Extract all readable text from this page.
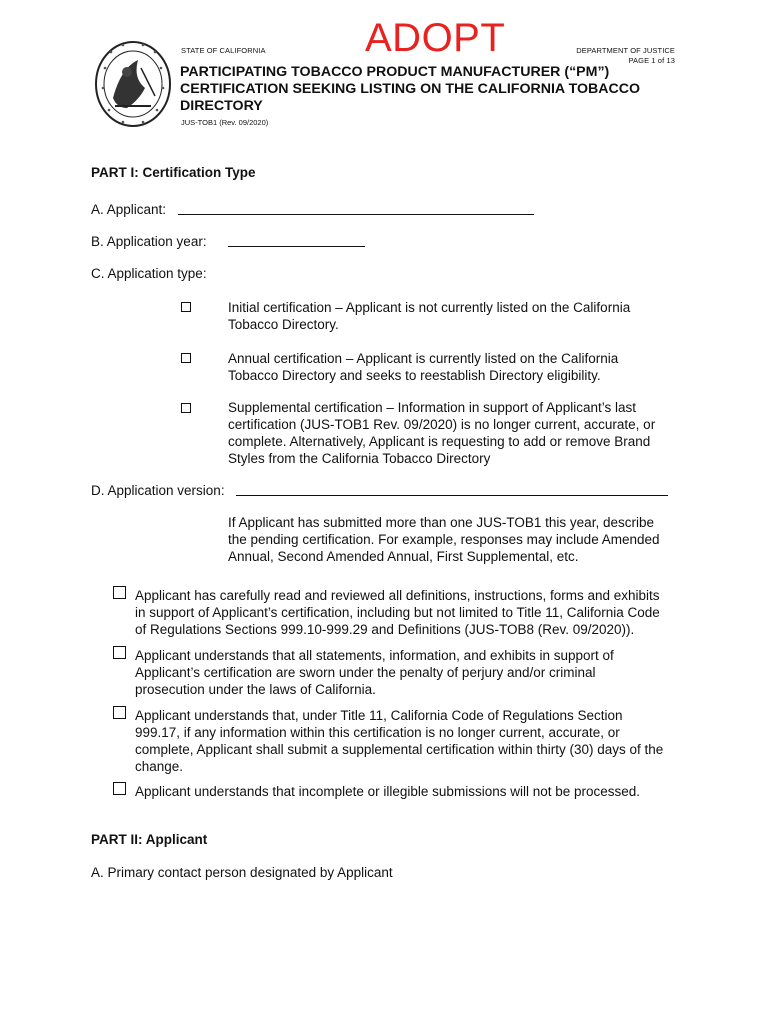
STATE OF CALIFORNIA ADOPT	DEPARTMENT OF JUSTICE
PAGE 1 of 13
PARTICIPATING TOBACCO PRODUCT MANUFACTURER (“PM”)
CERTIFICATION SEEKING LISTING ON THE CALIFORNIA TOBACCO
DIRECTORY
JUS-TOB1 (Rev. 09/2020)
PART I: Certification Type
A. Applicant:
B. Application year:
C. Application type:
Initial certification – Applicant is not currently listed on the California
Tobacco Directory.
Annual certification – Applicant is currently listed on the California
Tobacco Directory and seeks to reestablish Directory eligibility.
Supplemental certification – Information in support of Applicant’s last
certification (JUS-TOB1 Rev. 09/2020) is no longer current, accurate, or
complete. Alternatively, Applicant is requesting to add or remove Brand
Styles from the California Tobacco Directory
D. Application version:
If Applicant has submitted more than one JUS-TOB1 this year, describe
the pending certification. For example, responses may include Amended
Annual, Second Amended Annual, First Supplemental, etc.
Applicant has carefully read and reviewed all definitions, instructions, forms and exhibits
in support of Applicant’s certification, including but not limited to Title 11, California Code
of Regulations Sections 999.10-999.29 and Definitions (JUS-TOB8 (Rev. 09/2020)).
Applicant understands that all statements, information, and exhibits in support of
Applicant’s certification are sworn under the penalty of perjury and/or criminal
prosecution under the laws of California.
Applicant understands that, under Title 11, California Code of Regulations Section
999.17, if any information within this certification is no longer current, accurate, or
complete, Applicant shall submit a supplemental certification within thirty (30) days of the
change.
Applicant understands that incomplete or illegible submissions will not be processed.
PART II: Applicant
A. Primary contact person designated by Applicant
